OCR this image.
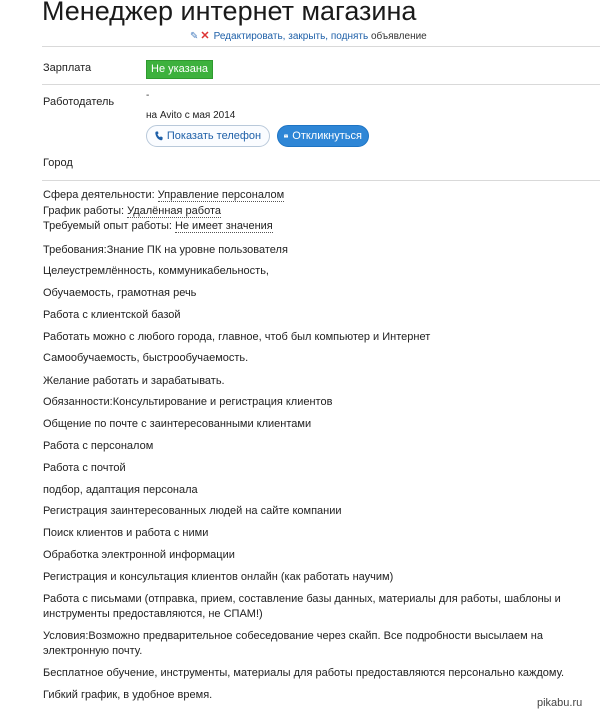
Менеджер интернет магазина
✎ ✕ Редактировать, закрыть, поднять объявление
Зарплата	Не указана
Работодатель
-
на Avito с мая 2014
Показать телефон	Откликнуться
Город
Сфера деятельности: Управление персоналом
График работы: Удалённая работа
Требуемый опыт работы: Не имеет значения
Требования:Знание ПК на уровне пользователя
Целеустремлённость, коммуникабельность,
Обучаемость, грамотная речь
Работа с клиентской базой
Работать можно с любого города, главное, чтоб был компьютер и Интернет
Самообучаемость, быстрообучаемость.
Желание работать и зарабатывать.
Обязанности:Консультирование и регистрация клиентов
Общение по почте с заинтересованными клиентами
Работа с персоналом
Работа с почтой
подбор, адаптация персонала
Регистрация заинтересованных людей на сайте компании
Поиск клиентов и работа с ними
Обработка электронной информации
Регистрация и консультация клиентов онлайн (как работать научим)
Работа с письмами (отправка, прием, составление базы данных, материалы для работы, шаблоны и инструменты предоставляются, не СПАМ!)
Условия:Возможно предварительное собеседование через скайп. Все подробности высылаем на электронную почту.
Бесплатное обучение, инструменты, материалы для работы предоставляются персонально каждому.
Гибкий график, в удобное время.
pikabu.ru
